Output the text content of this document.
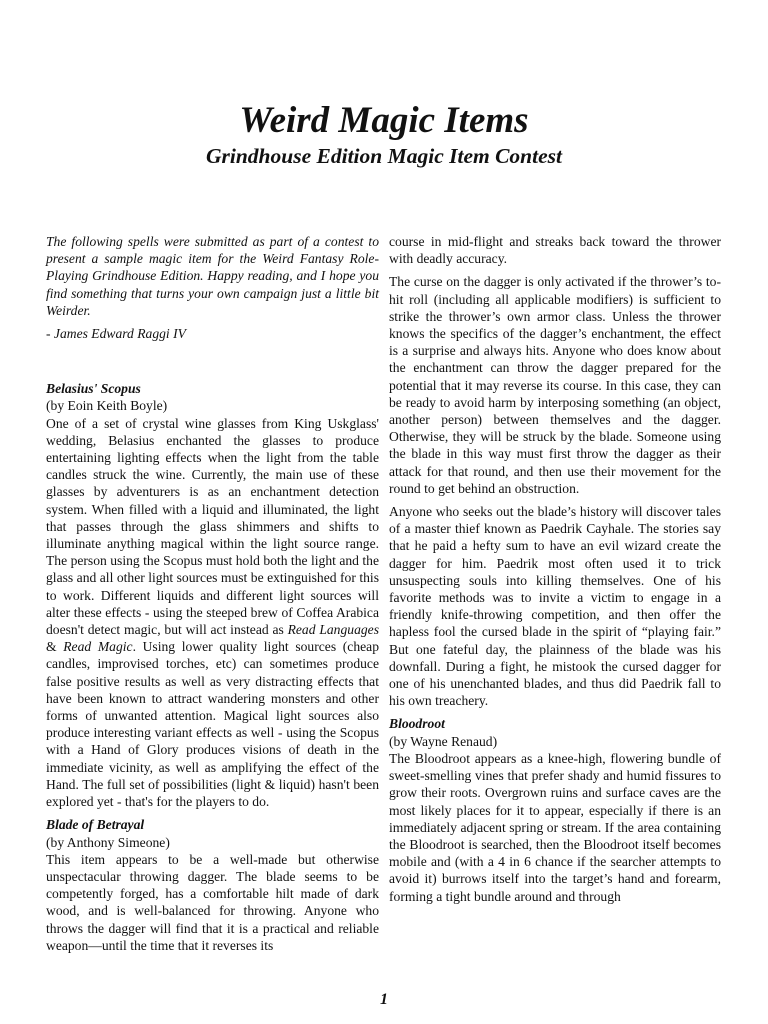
Weird Magic Items
Grindhouse Edition Magic Item Contest

The following spells were submitted as part of a contest to present a sample magic item for the Weird Fantasy Role-Playing Grindhouse Edition. Happy reading, and I hope you find something that turns your own campaign just a little bit Weirder.

- James Edward Raggi IV

Belasius' Scopus

(by Eoin Keith Boyle)

One of a set of crystal wine glasses from King Uskglass' wedding, Belasius enchanted the glasses to produce entertaining lighting effects when the light from the table candles struck the wine. Currently, the main use of these glasses by adventurers is as an enchantment detection system. When filled with a liquid and illuminated, the light that passes through the glass shimmers and shifts to illuminate anything magical within the light source range. The person using the Scopus must hold both the light and the glass and all other light sources must be extinguished for this to work. Different liquids and different light sources will alter these effects - using the steeped brew of Coffea Arabica doesn't detect magic, but will act instead as Read Languages & Read Magic. Using lower quality light sources (cheap candles, improvised torches, etc) can sometimes produce false positive results as well as very distracting effects that have been known to attract wandering monsters and other forms of unwanted attention. Magical light sources also produce interesting variant effects as well - using the Scopus with a Hand of Glory produces visions of death in the immediate vicinity, as well as amplifying the effect of the Hand. The full set of possibilities (light & liquid) hasn't been explored yet - that's for the players to do.

Blade of Betrayal

(by Anthony Simeone)

This item appears to be a well-made but otherwise unspectacular throwing dagger. The blade seems to be competently forged, has a comfortable hilt made of dark wood, and is well-balanced for throwing. Anyone who throws the dagger will find that it is a practical and reliable weapon—until the time that it reverses its

course in mid-flight and streaks back toward the thrower with deadly accuracy.

The curse on the dagger is only activated if the thrower’s to-hit roll (including all applicable modifiers) is sufficient to strike the thrower’s own armor class. Unless the thrower knows the specifics of the dagger’s enchantment, the effect is a surprise and always hits. Anyone who does know about the enchantment can throw the dagger prepared for the potential that it may reverse its course. In this case, they can be ready to avoid harm by interposing something (an object, another person) between themselves and the dagger. Otherwise, they will be struck by the blade. Someone using the blade in this way must first throw the dagger as their attack for that round, and then use their movement for the round to get behind an obstruction.

Anyone who seeks out the blade’s history will discover tales of a master thief known as Paedrik Cayhale. The stories say that he paid a hefty sum to have an evil wizard create the dagger for him. Paedrik most often used it to trick unsuspecting souls into killing themselves. One of his favorite methods was to invite a victim to engage in a friendly knife-throwing competition, and then offer the hapless fool the cursed blade in the spirit of “playing fair.” But one fateful day, the plainness of the blade was his downfall. During a fight, he mistook the cursed dagger for one of his unenchanted blades, and thus did Paedrik fall to his own treachery.

Bloodroot

(by Wayne Renaud)

The Bloodroot appears as a knee-high, flowering bundle of sweet-smelling vines that prefer shady and humid fissures to grow their roots. Overgrown ruins and surface caves are the most likely places for it to appear, especially if there is an immediately adjacent spring or stream. If the area containing the Bloodroot is searched, then the Bloodroot itself becomes mobile and (with a 4 in 6 chance if the searcher attempts to avoid it) burrows itself into the target’s hand and forearm, forming a tight bundle around and through

1
